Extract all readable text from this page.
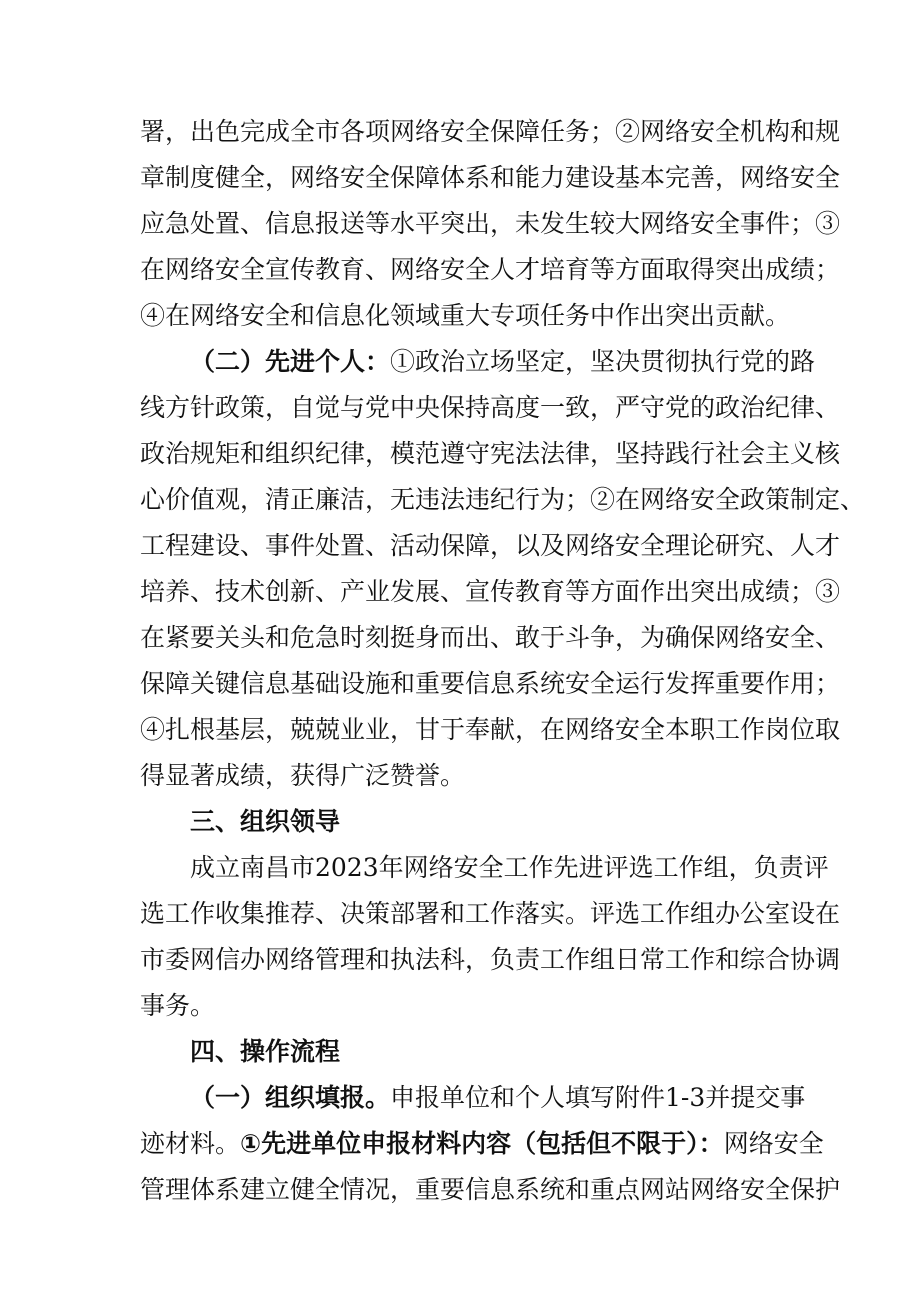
署，出色完成全市各项网络安全保障任务；②网络安全机构和规
章制度健全，网络安全保障体系和能力建设基本完善，网络安全
应急处置、信息报送等水平突出，未发生较大网络安全事件；③
在网络安全宣传教育、网络安全人才培育等方面取得突出成绩；
④在网络安全和信息化领域重大专项任务中作出突出贡献。
（二）先进个人：①政治立场坚定，坚决贯彻执行党的路
线方针政策，自觉与党中央保持高度一致，严守党的政治纪律、
政治规矩和组织纪律，模范遵守宪法法律，坚持践行社会主义核
心价值观，清正廉洁，无违法违纪行为；②在网络安全政策制定、
工程建设、事件处置、活动保障，以及网络安全理论研究、人才
培养、技术创新、产业发展、宣传教育等方面作出突出成绩；③
在紧要关头和危急时刻挺身而出、敢于斗争，为确保网络安全、
保障关键信息基础设施和重要信息系统安全运行发挥重要作用；
④扎根基层，兢兢业业，甘于奉献，在网络安全本职工作岗位取
得显著成绩，获得广泛赞誉。
三、组织领导
成立南昌市2023年网络安全工作先进评选工作组，负责评
选工作收集推荐、决策部署和工作落实。评选工作组办公室设在
市委网信办网络管理和执法科，负责工作组日常工作和综合协调
事务。
四、操作流程
（一）组织填报。申报单位和个人填写附件1-3并提交事
迹材料。①先进单位申报材料内容（包括但不限于）：网络安全
管理体系建立健全情况，重要信息系统和重点网站网络安全保护
